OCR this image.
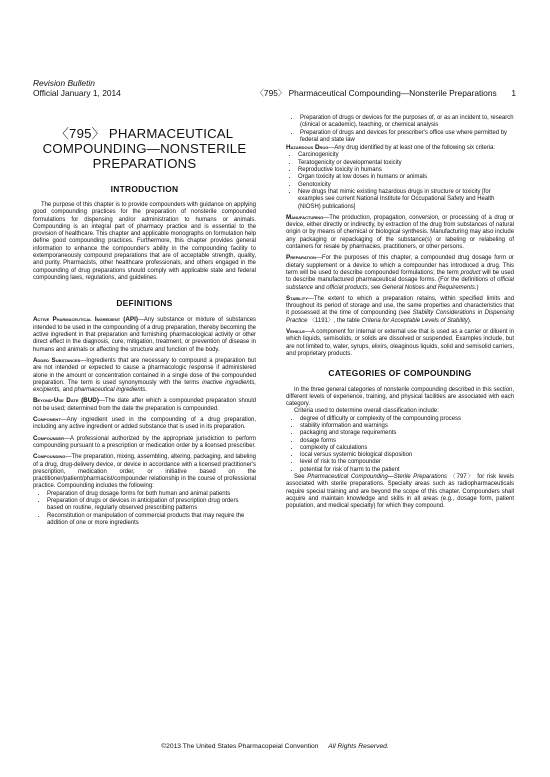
Revision Bulletin
Official January 1, 2014	〈795〉 Pharmaceutical Compounding—Nonsterile Preparations 1
〈795〉 PHARMACEUTICAL COMPOUNDING—NONSTERILE PREPARATIONS
INTRODUCTION

The purpose of this chapter is to provide compounders with guidance on applying good compounding practices for the preparation of nonsterile compounded formulations for dispensing and/or administration to humans or animals. Compounding is an integral part of pharmacy practice and is essential to the provision of healthcare. This chapter and applicable monographs on formulation help define good compounding practices. Furthermore, this chapter provides general information to enhance the compounder's ability in the compounding facility to extemporaneously compound preparations that are of acceptable strength, quality, and purity. Pharmacists, other healthcare professionals, and others engaged in the compounding of drug preparations should comply with applicable state and federal compounding laws, regulations, and guidelines.

DEFINITIONS

Active Pharmaceutical Ingredient (API)—Any substance or mixture of substances intended to be used in the compounding of a drug preparation, thereby becoming the active ingredient in that preparation and furnishing pharmacological activity or other direct effect in the diagnosis, cure, mitigation, treatment, or prevention of disease in humans and animals or affecting the structure and function of the body.

Added Substances—Ingredients that are necessary to compound a preparation but are not intended or expected to cause a pharmacologic response if administered alone in the amount or concentration contained in a single dose of the compounded preparation. The term is used synonymously with the terms inactive ingredients, excipients, and pharmaceutical ingredients.

Beyond-Use Date (BUD)—The date after which a compounded preparation should not be used; determined from the date the preparation is compounded.

Component—Any ingredient used in the compounding of a drug preparation, including any active ingredient or added substance that is used in its preparation.

Compounder—A professional authorized by the appropriate jurisdiction to perform compounding pursuant to a prescription or medication order by a licensed prescriber.

Compounding—The preparation, mixing, assembling, altering, packaging, and labeling of a drug, drug-delivery device, or device in accordance with a licensed practitioner's prescription, medication order, or initiative based on the practitioner/patient/pharmacist/compounder relationship in the course of professional practice. Compounding includes the following:

• Preparation of drug dosage forms for both human and animal patients
• Preparation of drugs or devices in anticipation of prescription drug orders based on routine, regularly observed prescribing patterns
• Reconstitution or manipulation of commercial products that may require the addition of one or more ingredients
• Preparation of drugs or devices for the purposes of, or as an incident to, research (clinical or academic), teaching, or chemical analysis
• Preparation of drugs and devices for prescriber's office use where permitted by federal and state law

Hazardous Drug—Any drug identified by at least one of the following six criteria:

• Carcinogenicity
• Teratogenicity or developmental toxicity
• Reproductive toxicity in humans
• Organ toxicity at low doses in humans or animals
• Genotoxicity
• New drugs that mimic existing hazardous drugs in structure or toxicity [for examples see current National Institute for Occupational Safety and Health (NIOSH) publications]

Manufacturing—The production, propagation, conversion, or processing of a drug or device, either directly or indirectly, by extraction of the drug from substances of natural origin or by means of chemical or biological synthesis. Manufacturing may also include any packaging or repackaging of the substance(s) or labeling or relabeling of containers for resale by pharmacies, practitioners, or other persons.

Preparation—For the purposes of this chapter, a compounded drug dosage form or dietary supplement or a device to which a compounder has introduced a drug. This term will be used to describe compounded formulations; the term product will be used to describe manufactured pharmaceutical dosage forms. (For the definitions of official substance and official products, see General Notices and Requirements.)

Stability—The extent to which a preparation retains, within specified limits and throughout its period of storage and use, the same properties and characteristics that it possessed at the time of compounding (see Stability Considerations in Dispensing Practice 〈1191〉, the table Criteria for Acceptable Levels of Stability).

Vehicle—A component for internal or external use that is used as a carrier or diluent in which liquids, semisolids, or solids are dissolved or suspended. Examples include, but are not limited to, water, syrups, elixirs, oleaginous liquids, solid and semisolid carriers, and proprietary products.

CATEGORIES OF COMPOUNDING

In the three general categories of nonsterile compounding described in this section, different levels of experience, training, and physical facilities are associated with each category.

Criteria used to determine overall classification include:

• degree of difficulty or complexity of the compounding process
• stability information and warnings
• packaging and storage requirements
• dosage forms
• complexity of calculations
• local versus systemic biological disposition
• level of risk to the compounder
• potential for risk of harm to the patient

See Pharmaceutical Compounding—Sterile Preparations 〈797〉 for risk levels associated with sterile preparations. Specialty areas such as radiopharmaceuticals require special training and are beyond the scope of this chapter. Compounders shall acquire and maintain knowledge and skills in all areas (e.g., dosage form, patient population, and medical specialty) for which they compound.

©2013 The United States Pharmacopeial Convention All Rights Reserved.
